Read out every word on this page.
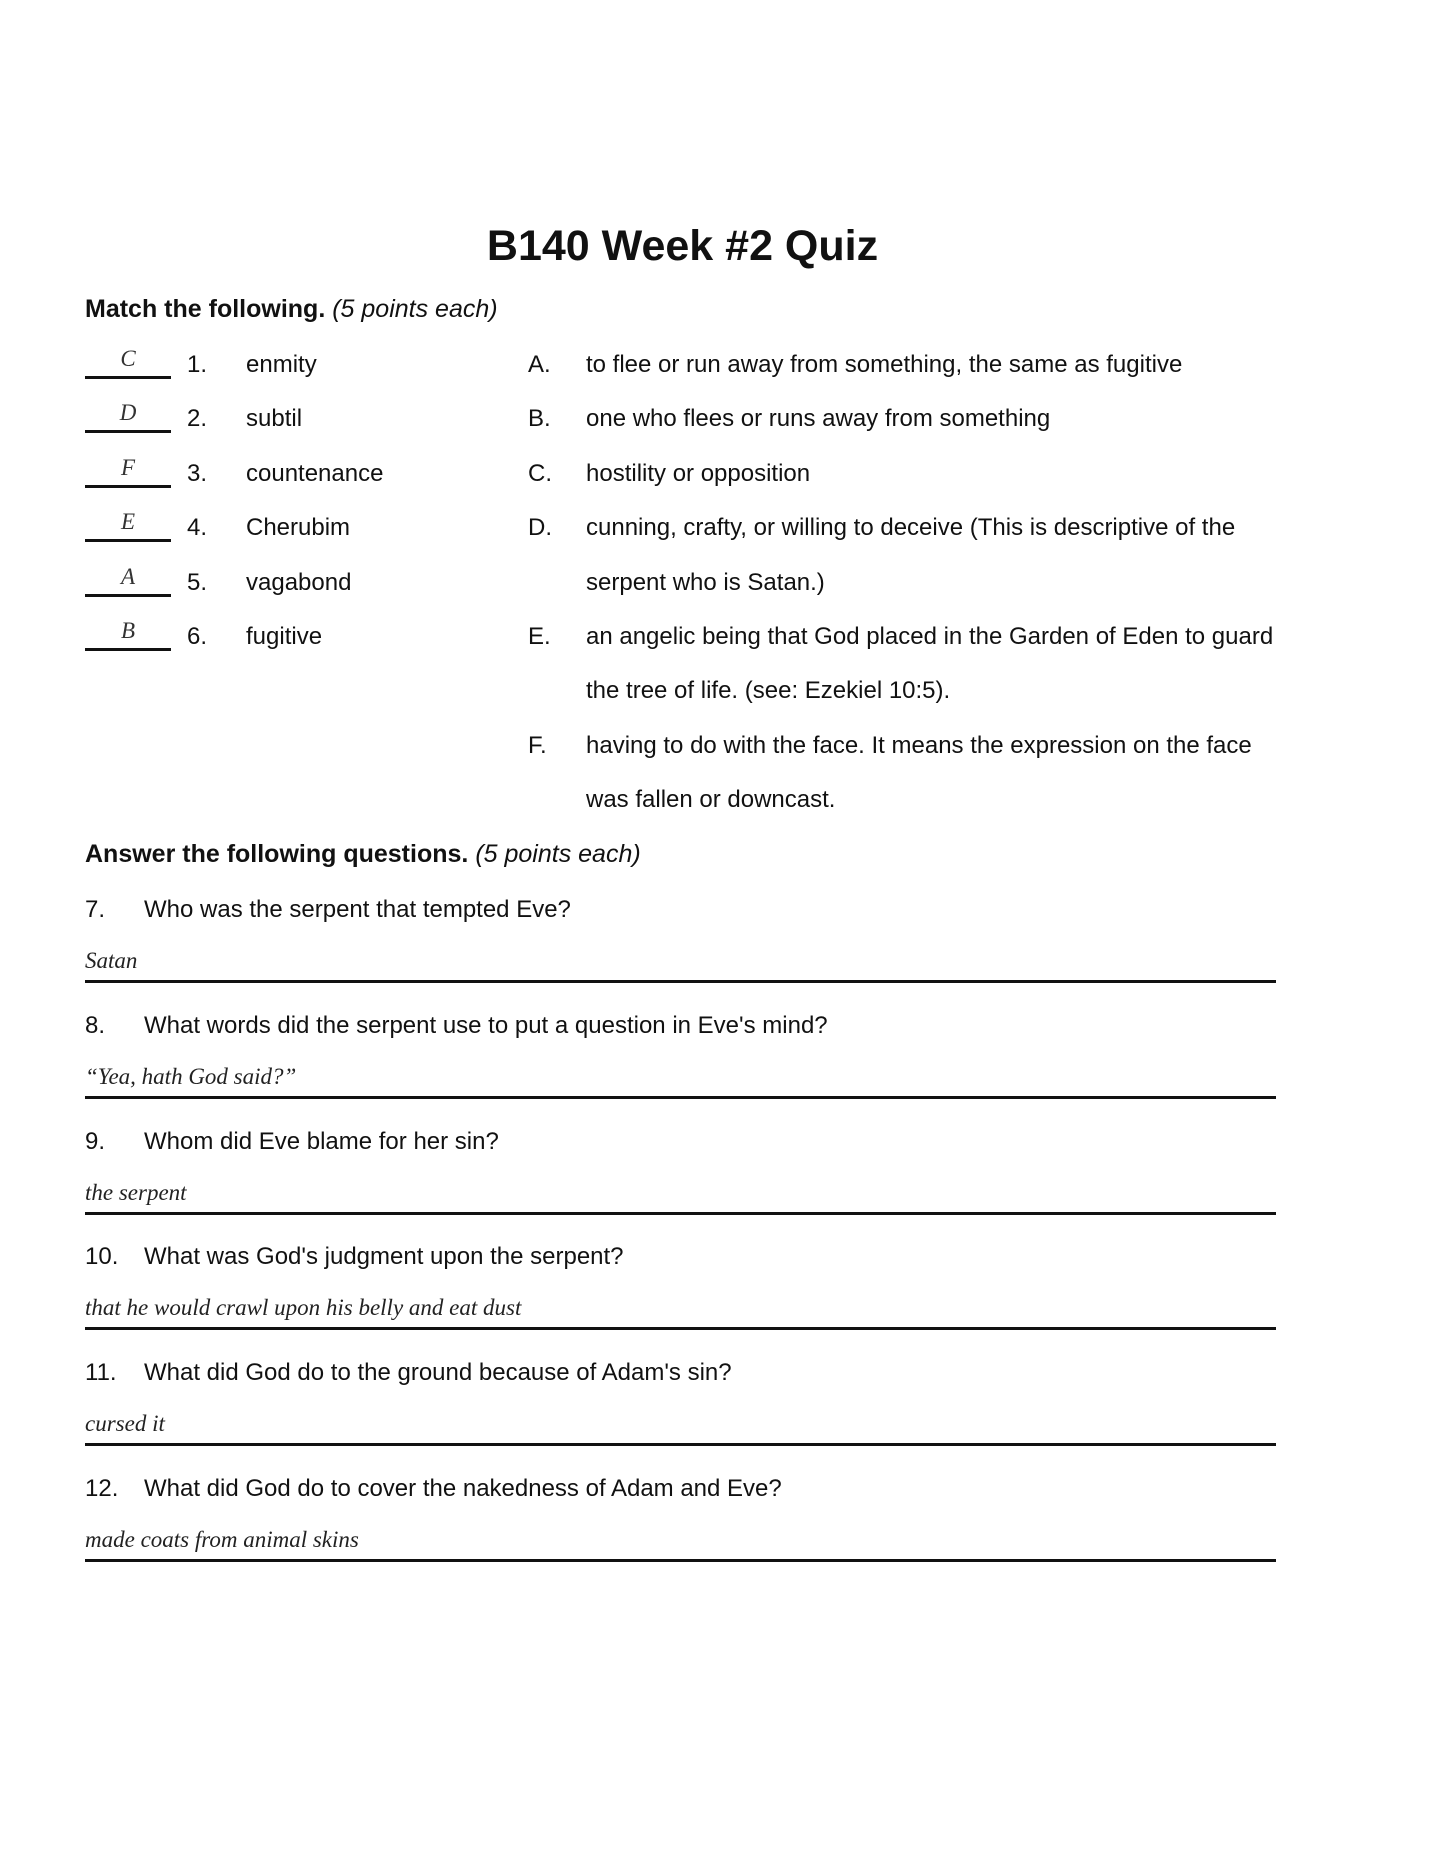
B140 Week #2 Quiz
Match the following. (5 points each)
C	1. enmity
D	2. subtil
F	3. countenance
E	4. Cherubim
A	5. vagabond
B	6. fugitive
A. to flee or run away from something, the same as fugitive
B. one who flees or runs away from something
C. hostility or opposition
D. cunning, crafty, or willing to deceive (This is descriptive of the
serpent who is Satan.)
E. an angelic being that God placed in the Garden of Eden to guard
the tree of life. (see: Ezekiel 10:5).
F. having to do with the face. It means the expression on the face
was fallen or downcast.
Answer the following questions. (5 points each)
7. Who was the serpent that tempted Eve?
Satan
8. What words did the serpent use to put a question in Eve's mind?
“Yea, hath God said?”
9. Whom did Eve blame for her sin?
the serpent
10. What was God's judgment upon the serpent?
that he would crawl upon his belly and eat dust
11. What did God do to the ground because of Adam's sin?
cursed it
12. What did God do to cover the nakedness of Adam and Eve?
made coats from animal skins
